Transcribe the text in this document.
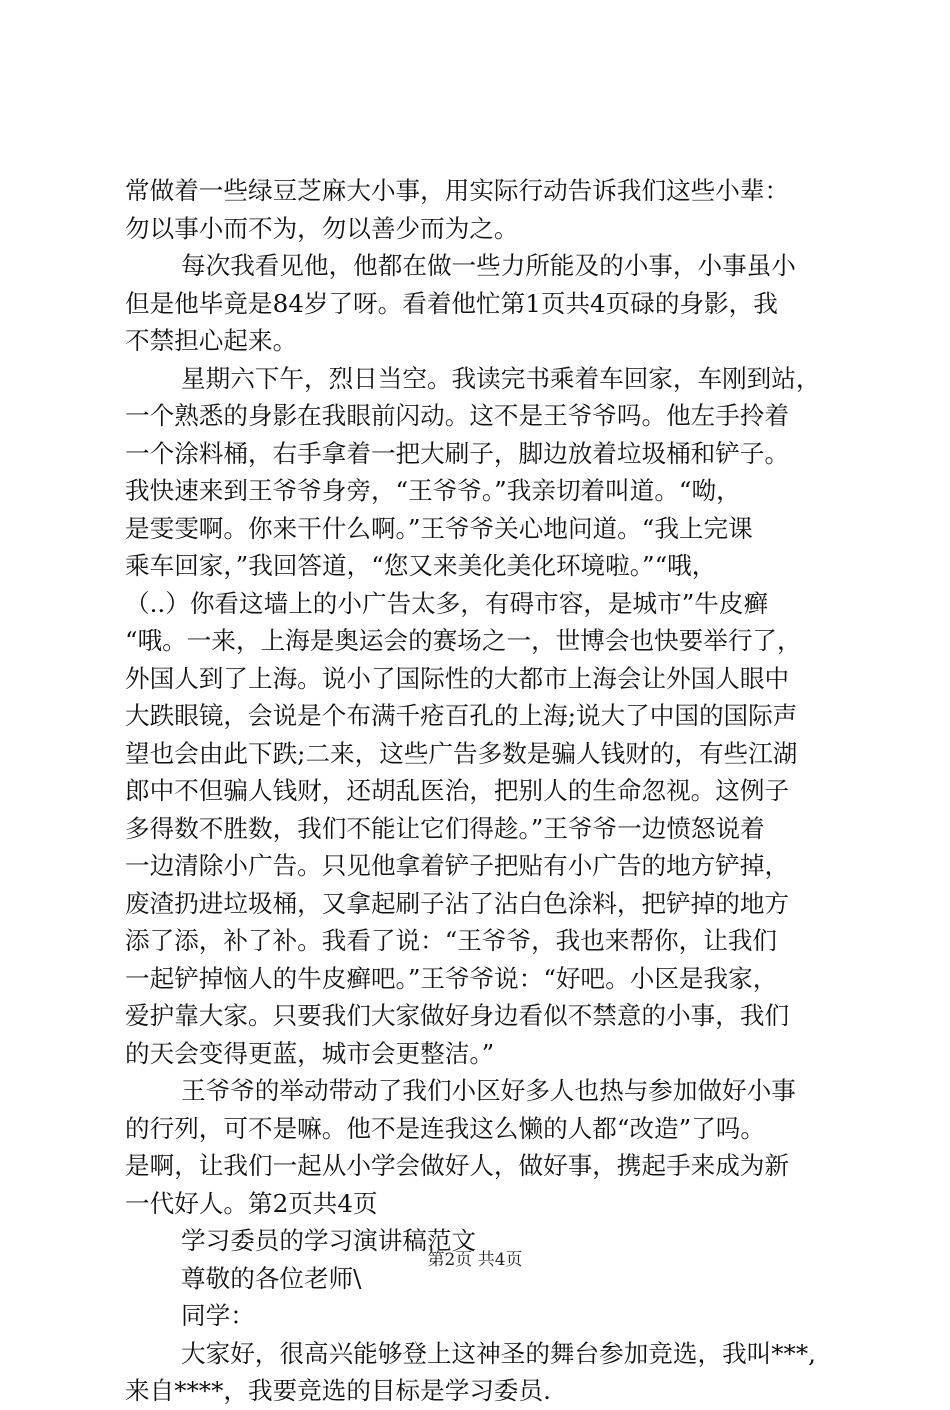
常做着一些绿豆芝麻大小事，用实际行动告诉我们这些小辈：
勿以事小而不为，勿以善少而为之。
每次我看见他，他都在做一些力所能及的小事，小事虽小
但是他毕竟是84岁了呀。看着他忙第1页共4页碌的身影，我
不禁担心起来。
星期六下午，烈日当空。我读完书乘着车回家，车刚到站，
一个熟悉的身影在我眼前闪动。这不是王爷爷吗。他左手拎着
一个涂料桶，右手拿着一把大刷子，脚边放着垃圾桶和铲子。
我快速来到王爷爷身旁，“王爷爷。”我亲切着叫道。“呦，
是雯雯啊。你来干什么啊。”王爷爷关心地问道。“我上完课
乘车回家，”我回答道，“您又来美化美化环境啦。”“哦，
（..）你看这墙上的小广告太多，有碍市容，是城市”牛皮癣
“哦。一来，上海是奥运会的赛场之一，世博会也快要举行了，
外国人到了上海。说小了国际性的大都市上海会让外国人眼中
大跌眼镜，会说是个布满千疮百孔的上海;说大了中国的国际声
望也会由此下跌;二来，这些广告多数是骗人钱财的，有些江湖
郎中不但骗人钱财，还胡乱医治，把别人的生命忽视。这例子
多得数不胜数，我们不能让它们得趁。”王爷爷一边愤怒说着
一边清除小广告。只见他拿着铲子把贴有小广告的地方铲掉，
废渣扔进垃圾桶，又拿起刷子沾了沾白色涂料，把铲掉的地方
添了添，补了补。我看了说：“王爷爷，我也来帮你，让我们
一起铲掉恼人的牛皮癣吧。”王爷爷说：“好吧。小区是我家，
爱护靠大家。只要我们大家做好身边看似不禁意的小事，我们
的天会变得更蓝，城市会更整洁。”
王爷爷的举动带动了我们小区好多人也热与参加做好小事
的行列，可不是嘛。他不是连我这么懒的人都“改造”了吗。
是啊，让我们一起从小学会做好人，做好事，携起手来成为新
一代好人。第2页共4页
学习委员的学习演讲稿范文
尊敬的各位老师\
同学：
大家好，很高兴能够登上这神圣的舞台参加竞选，我叫***,
来自****，我要竞选的目标是学习委员.
第2页 共4页
